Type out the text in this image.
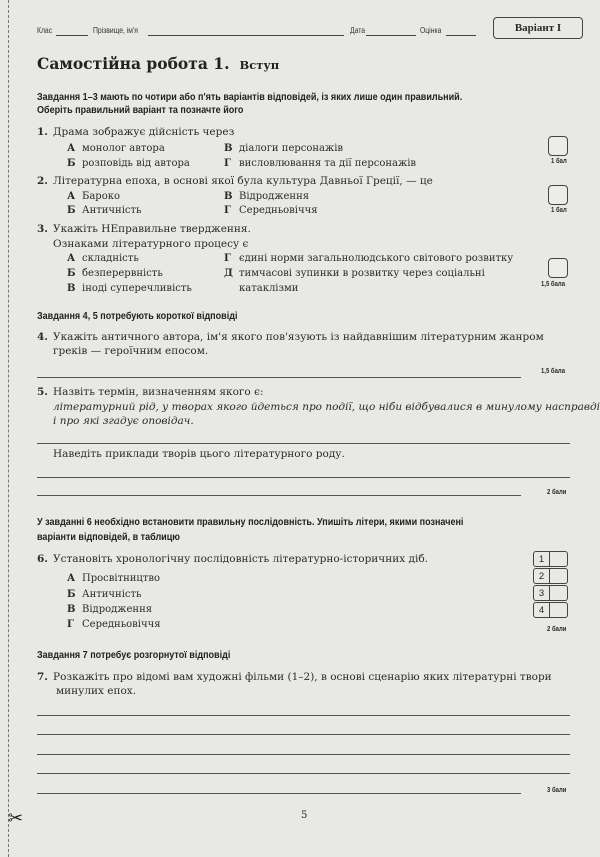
✂
Клас	Прізвище, ім'я	Дата	Оцінка	Варіант I
Самостійна робота 1. Вступ
Завдання 1–3 мають по чотири або п'ять варіантів відповідей, із яких лише один правильний.
Оберіть правильний варіант та позначте його
1. Драма зображує дійсність через
А монолог автора
Б розповідь від автора
В діалоги персонажів
Г висловлювання та дії персонажів	1 бал
2. Літературна епоха, в основі якої була культура Давньої Греції, — це
А Бароко
Б Античність
В Відродження
Г Середньовіччя	1 бал
3. Укажіть НЕправильне твердження.
Ознаками літературного процесу є
А складність
Б безперервність
В іноді суперечливість
Г єдині норми загальнолюдського світового розвитку
Д тимчасові зупинки в розвитку через соціальні
катаклізми	1,5 бала
Завдання 4, 5 потребують короткої відповіді
4. Укажіть античного автора, ім'я якого пов'язують із найдавнішим літературним жанром
греків — героїчним епосом.
1,5 бала
5. Назвіть термін, визначенням якого є:
літературний рід, у творах якого йдеться про події, що ніби відбувалися в минулому насправді
і про які згадує оповідач.
Наведіть приклади творів цього літературного роду.
2 бали
У завданні 6 необхідно встановити правильну послідовність. Упишіть літери, якими позначені
варіанти відповідей, в таблицю
6. Установіть хронологічну послідовність літературно-історичних діб.
А Просвітництво
Б Античність
В Відродження
Г Середньовіччя
1
2
3
4
2 бали
Завдання 7 потребує розгорнутої відповіді
7. Розкажіть про відомі вам художні фільми (1–2), в основі сценарію яких літературні твори
минулих епох.
3 бали
5
